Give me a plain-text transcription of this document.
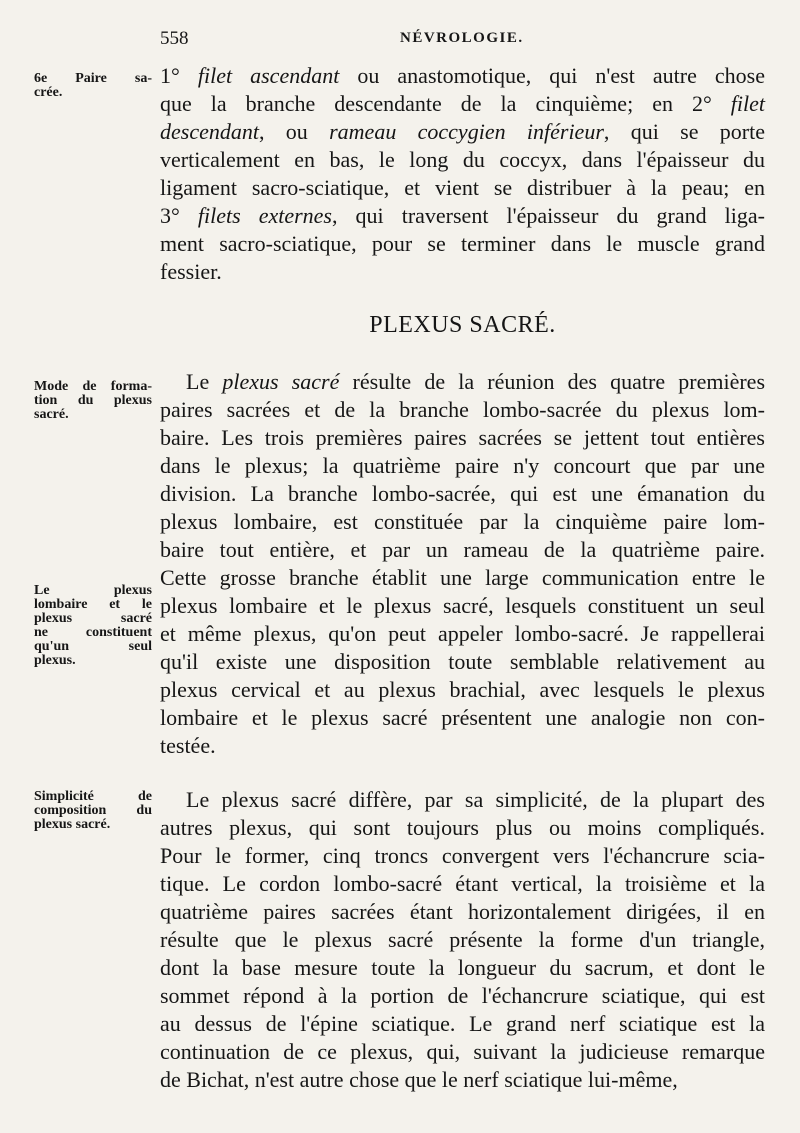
558	NÉVROLOGIE.
6e Paire sa-
crée.
Mode de forma-
tion du plexus
sacré.
Le plexus
lombaire et le
plexus sacré
ne constituent
qu'un seul
plexus.
Simplicité de
composition du
plexus sacré.
1° filet ascendant ou anastomotique, qui n'est autre chose
que la branche descendante de la cinquième; en 2° filet
descendant, ou rameau coccygien inférieur, qui se porte
verticalement en bas, le long du coccyx, dans l'épaisseur du
ligament sacro-sciatique, et vient se distribuer à la peau; en
3° filets externes, qui traversent l'épaisseur du grand liga-
ment sacro-sciatique, pour se terminer dans le muscle grand
fessier.
PLEXUS SACRÉ.
Le plexus sacré résulte de la réunion des quatre premières
paires sacrées et de la branche lombo-sacrée du plexus lom-
baire. Les trois premières paires sacrées se jettent tout entières
dans le plexus; la quatrième paire n'y concourt que par une
division. La branche lombo-sacrée, qui est une émanation du
plexus lombaire, est constituée par la cinquième paire lom-
baire tout entière, et par un rameau de la quatrième paire.
Cette grosse branche établit une large communication entre le
plexus lombaire et le plexus sacré, lesquels constituent un seul
et même plexus, qu'on peut appeler lombo-sacré. Je rappellerai
qu'il existe une disposition toute semblable relativement au
plexus cervical et au plexus brachial, avec lesquels le plexus
lombaire et le plexus sacré présentent une analogie non con-
testée.
Le plexus sacré diffère, par sa simplicité, de la plupart des
autres plexus, qui sont toujours plus ou moins compliqués.
Pour le former, cinq troncs convergent vers l'échancrure scia-
tique. Le cordon lombo-sacré étant vertical, la troisième et la
quatrième paires sacrées étant horizontalement dirigées, il en
résulte que le plexus sacré présente la forme d'un triangle,
dont la base mesure toute la longueur du sacrum, et dont le
sommet répond à la portion de l'échancrure sciatique, qui est
au dessus de l'épine sciatique. Le grand nerf sciatique est la
continuation de ce plexus, qui, suivant la judicieuse remarque
de Bichat, n'est autre chose que le nerf sciatique lui-même,
